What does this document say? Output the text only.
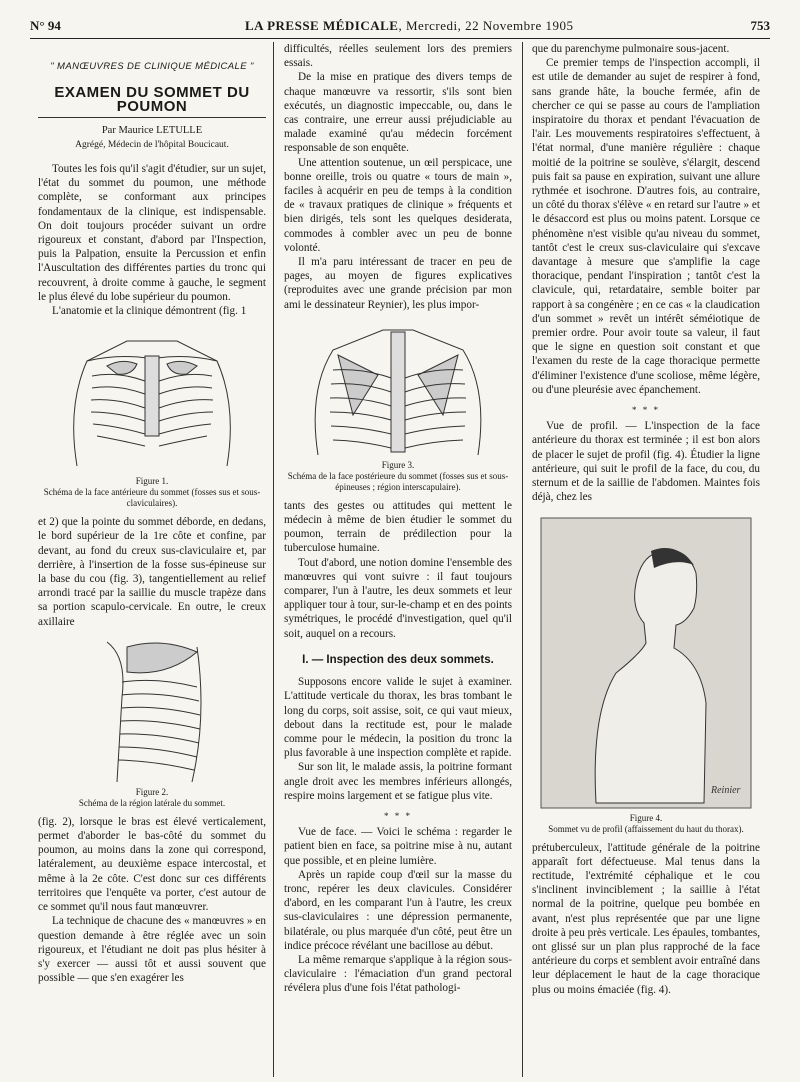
N° 94	LA PRESSE MÉDICALE, Mercredi, 22 Novembre 1905	753
" MANŒUVRES DE CLINIQUE MÉDICALE "
EXAMEN DU SOMMET DU POUMON
Par Maurice LETULLE
Agrégé, Médecin de l'hôpital Boucicaut.

Toutes les fois qu'il s'agit d'étudier, sur un sujet, l'état du sommet du poumon, une méthode complète, se conformant aux principes fondamentaux de la clinique, est indispensable. On doit toujours procéder suivant un ordre rigoureux et constant, d'abord par l'Inspection, puis la Palpation, ensuite la Percussion et enfin l'Auscultation des différentes parties du tronc qui recouvrent, à droite comme à gauche, le segment le plus élevé du lobe supérieur du poumon.

L'anatomie et la clinique démontrent (fig. 1

Figure 1.
Schéma de la face antérieure du sommet (fosses sus et sous-claviculaires).

et 2) que la pointe du sommet déborde, en dedans, le bord supérieur de la 1re côte et confine, par devant, au fond du creux sus-claviculaire et, par derrière, à l'insertion de la fosse sus-épineuse sur la base du cou (fig. 3), tangentiellement au relief arrondi tracé par la saillie du muscle trapèze dans sa portion scapulo-cervicale. En outre, le creux axillaire

Figure 2.
Schéma de la région latérale du sommet.

(fig. 2), lorsque le bras est élevé verticalement, permet d'aborder le bas-côté du sommet du poumon, au moins dans la zone qui correspond, latéralement, au deuxième espace intercostal, et même à la 2e côte. C'est donc sur ces différents territoires que l'enquête va porter, c'est autour de ce sommet qu'il nous faut manœuvrer.

La technique de chacune des « manœuvres » en question demande à être réglée avec un soin rigoureux, et l'étudiant ne doit pas plus hésiter à s'y exercer — aussi tôt et aussi souvent que possible — que s'en exagérer les

difficultés, réelles seulement lors des premiers essais.

De la mise en pratique des divers temps de chaque manœuvre va ressortir, s'ils sont bien exécutés, un diagnostic impeccable, ou, dans le cas contraire, une erreur aussi préjudiciable au malade examiné qu'au médecin forcément responsable de son enquête.

Une attention soutenue, un œil perspicace, une bonne oreille, trois ou quatre « tours de main », faciles à acquérir en peu de temps à la condition de « travaux pratiques de clinique » fréquents et bien dirigés, tels sont les quelques desiderata, commodes à combler avec un peu de bonne volonté.

Il m'a paru intéressant de tracer en peu de pages, au moyen de figures explicatives (reproduites avec une grande précision par mon ami le dessinateur Reynier), les plus impor-

Figure 3.
Schéma de la face postérieure du sommet (fosses sus et sous-épineuses ; région interscapulaire).

tants des gestes ou attitudes qui mettent le médecin à même de bien étudier le sommet du poumon, terrain de prédilection pour la tuberculose humaine.

Tout d'abord, une notion domine l'ensemble des manœuvres qui vont suivre : il faut toujours comparer, l'un à l'autre, les deux sommets et leur appliquer tour à tour, sur-le-champ et en des points symétriques, le procédé d'investigation, quel qu'il soit, auquel on a recours.

I. — Inspection des deux sommets.

Supposons encore valide le sujet à examiner. L'attitude verticale du thorax, les bras tombant le long du corps, soit assise, soit, ce qui vaut mieux, debout dans la rectitude est, pour le malade comme pour le médecin, la position du tronc la plus favorable à une inspection complète et rapide.

Sur son lit, le malade assis, la poitrine formant angle droit avec les membres inférieurs allongés, respire moins largement et se fatigue plus vite.

* * *

Vue de face. — Voici le schéma : regarder le patient bien en face, sa poitrine mise à nu, autant que possible, et en pleine lumière.

Après un rapide coup d'œil sur la masse du tronc, repérer les deux clavicules. Considérer d'abord, en les comparant l'un à l'autre, les creux sus-claviculaires : une dépression permanente, bilatérale, ou plus marquée d'un côté, peut être un indice précoce révélant une bacillose au début.

La même remarque s'applique à la région sous-claviculaire : l'émaciation d'un grand pectoral révélera plus d'une fois l'état pathologi-

que du parenchyme pulmonaire sous-jacent.

Ce premier temps de l'inspection accompli, il est utile de demander au sujet de respirer à fond, sans grande hâte, la bouche fermée, afin de chercher ce qui se passe au cours de l'ampliation inspiratoire du thorax et pendant l'évacuation de l'air. Les mouvements respiratoires s'effectuent, à l'état normal, d'une manière régulière : chaque moitié de la poitrine se soulève, s'élargit, descend puis fait sa pause en expiration, suivant une allure rythmée et isochrone. D'autres fois, au contraire, un côté du thorax s'élève « en retard sur l'autre » et le désaccord est plus ou moins patent. Lorsque ce phénomène n'est visible qu'au niveau du sommet, tantôt c'est le creux sus-claviculaire qui s'excave davantage à mesure que s'amplifie la cage thoracique, pendant l'inspiration ; tantôt c'est la clavicule, qui, retardataire, semble boiter par rapport à sa congénère ; en ce cas « la claudication d'un sommet » revêt un intérêt séméiotique de premier ordre. Pour avoir toute sa valeur, il faut que le signe en question soit constant et que l'examen du reste de la cage thoracique permette d'éliminer l'existence d'une scoliose, même légère, ou d'une pleurésie avec épanchement.

* * *

Vue de profil. — L'inspection de la face antérieure du thorax est terminée ; il est bon alors de placer le sujet de profil (fig. 4). Étudier la ligne antérieure, qui suit le profil de la face, du cou, du sternum et de la saillie de l'abdomen. Maintes fois déjà, chez les

Reinier
Figure 4.
Sommet vu de profil (affaissement du haut du thorax).

prétuberculeux, l'attitude générale de la poitrine apparaît fort défectueuse. Mal tenus dans la rectitude, l'extrémité céphalique et le cou s'inclinent invinciblement ; la saillie à l'état normal de la poitrine, quelque peu bombée en avant, n'est plus représentée que par une ligne droite à peu près verticale. Les épaules, tombantes, ont glissé sur un plan plus rapproché de la face antérieure du corps et semblent avoir entraîné dans leur déplacement le haut de la cage thoracique plus ou moins émaciée (fig. 4).
